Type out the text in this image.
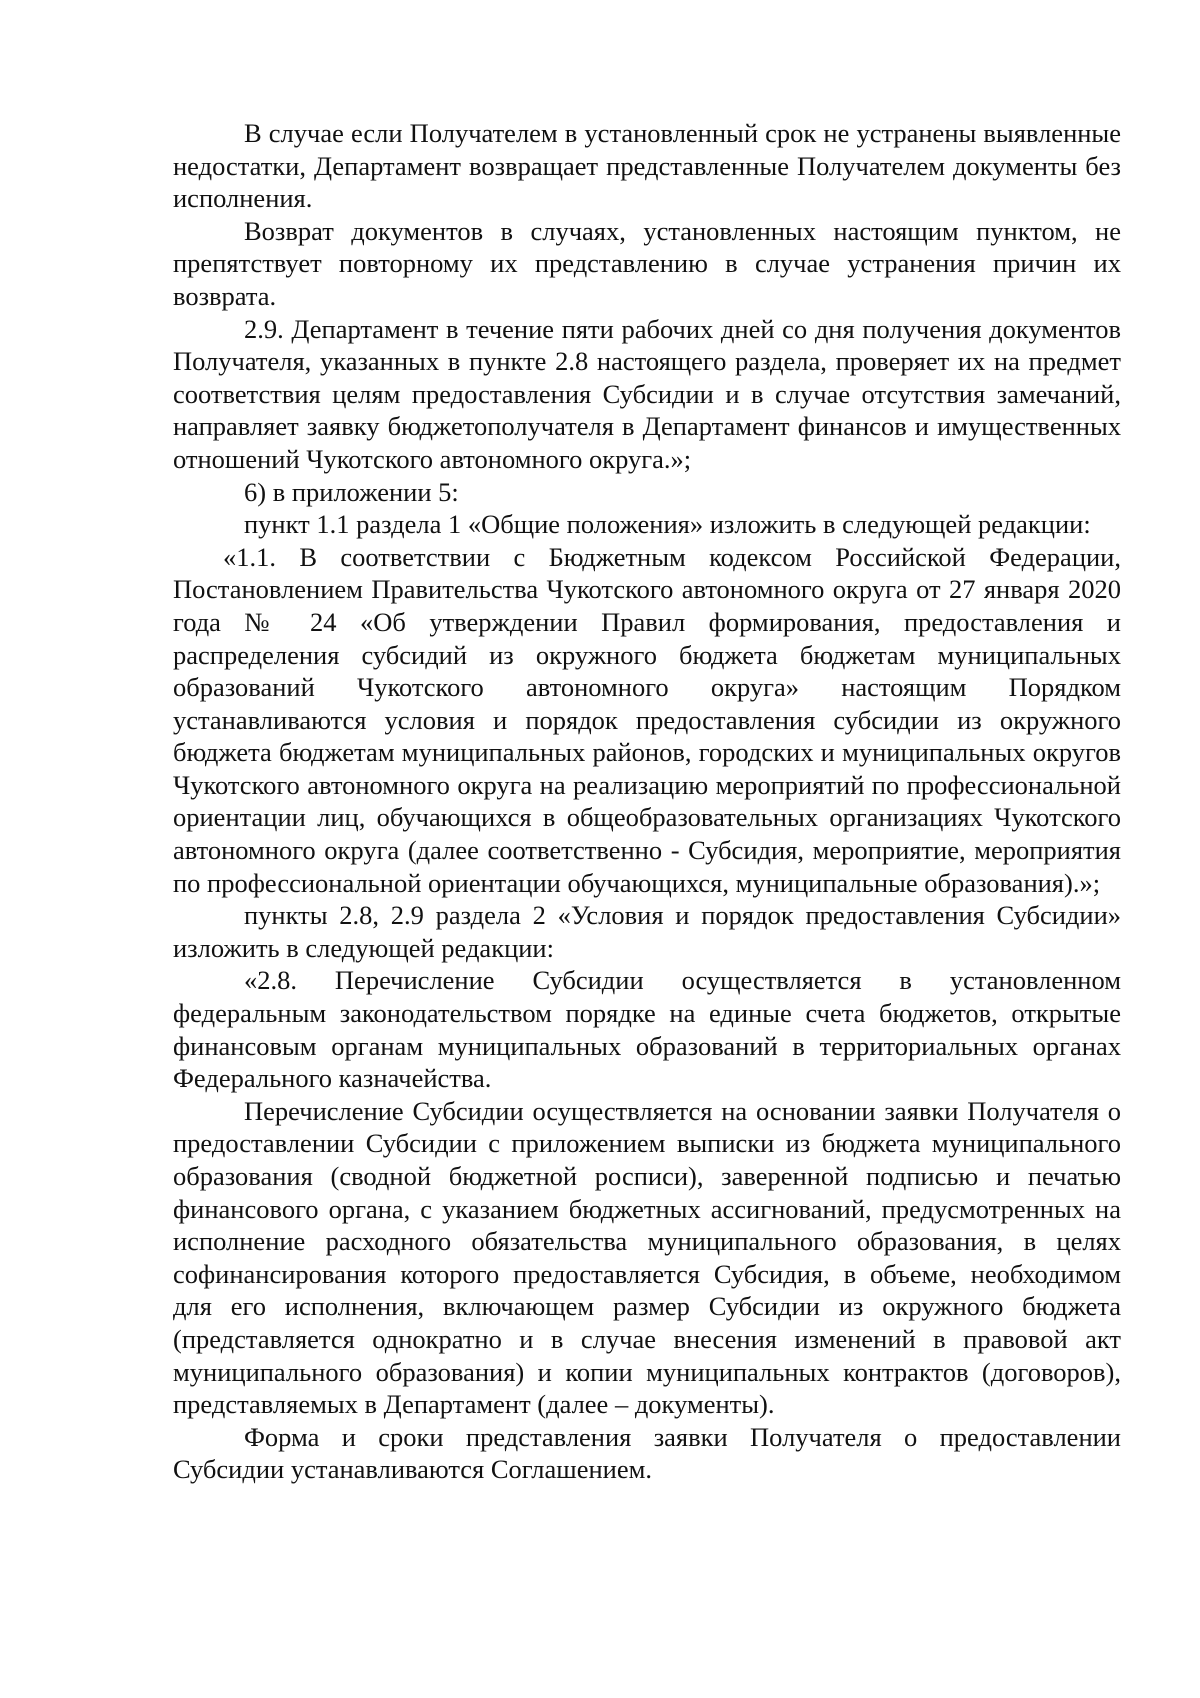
В случае если Получателем в установленный срок не устранены выявленные недостатки, Департамент возвращает представленные Получателем документы без исполнения.

Возврат документов в случаях, установленных настоящим пунктом, не препятствует повторному их представлению в случае устранения причин их возврата.

2.9. Департамент в течение пяти рабочих дней со дня получения документов Получателя, указанных в пункте 2.8 настоящего раздела, проверяет их на предмет соответствия целям предоставления Субсидии и в случае отсутствия замечаний, направляет заявку бюджетополучателя в Департамент финансов и имущественных отношений Чукотского автономного округа.»;

6) в приложении 5:

пункт 1.1 раздела 1 «Общие положения» изложить в следующей редакции:

«1.1. В соответствии с Бюджетным кодексом Российской Федерации, Постановлением Правительства Чукотского автономного округа от 27 января 2020 года № 24 «Об утверждении Правил формирования, предоставления и распределения субсидий из окружного бюджета бюджетам муниципальных образований Чукотского автономного округа» настоящим Порядком устанавливаются условия и порядок предоставления субсидии из окружного бюджета бюджетам муниципальных районов, городских и муниципальных округов Чукотского автономного округа на реализацию мероприятий по профессиональной ориентации лиц, обучающихся в общеобразовательных организациях Чукотского автономного округа (далее соответственно - Субсидия, мероприятие, мероприятия по профессиональной ориентации обучающихся, муниципальные образования).»;

пункты 2.8, 2.9 раздела 2 «Условия и порядок предоставления Субсидии» изложить в следующей редакции:

«2.8. Перечисление Субсидии осуществляется в установленном федеральным законодательством порядке на единые счета бюджетов, открытые финансовым органам муниципальных образований в территориальных органах Федерального казначейства.

Перечисление Субсидии осуществляется на основании заявки Получателя о предоставлении Субсидии с приложением выписки из бюджета муниципального образования (сводной бюджетной росписи), заверенной подписью и печатью финансового органа, с указанием бюджетных ассигнований, предусмотренных на исполнение расходного обязательства муниципального образования, в целях софинансирования которого предоставляется Субсидия, в объеме, необходимом для его исполнения, включающем размер Субсидии из окружного бюджета (представляется однократно и в случае внесения изменений в правовой акт муниципального образования) и копии муниципальных контрактов (договоров), представляемых в Департамент (далее – документы).

Форма и сроки представления заявки Получателя о предоставлении Субсидии устанавливаются Соглашением.
